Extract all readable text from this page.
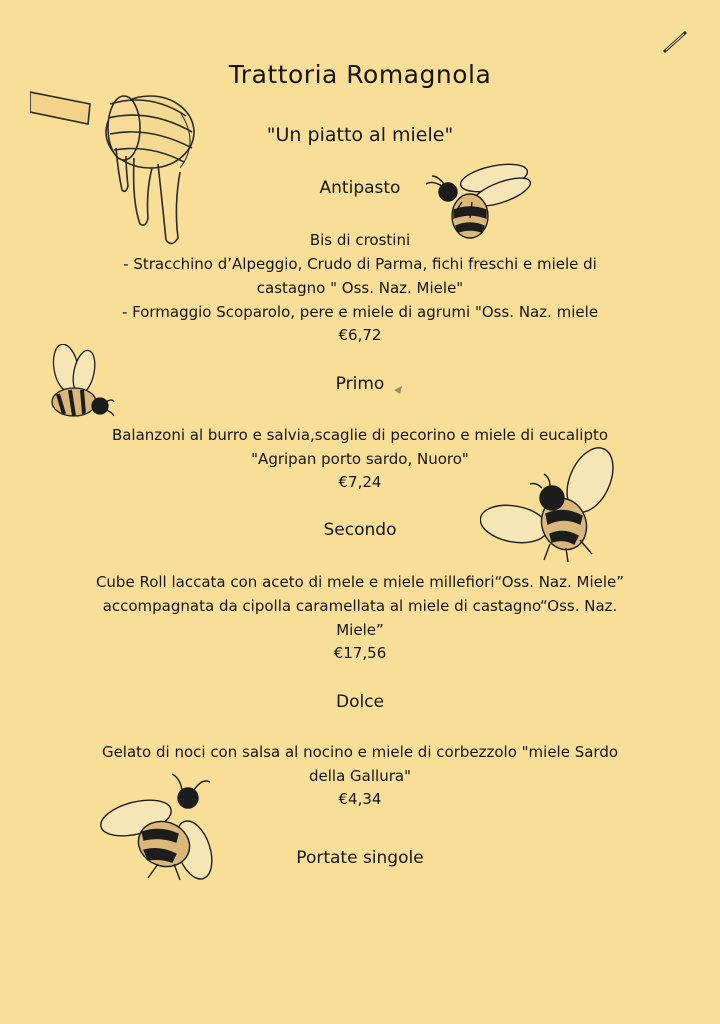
Trattoria Romagnola
"Un piatto al miele"
Antipasto
Bis di crostini
- Stracchino d’Alpeggio, Crudo di Parma, fichi freschi e miele di
castagno " Oss. Naz. Miele"
- Formaggio Scoparolo, pere e miele di agrumi "Oss. Naz. miele
€6,72
Primo
Balanzoni al burro e salvia,scaglie di pecorino e miele di eucalipto
"Agripan porto sardo, Nuoro"
€7,24
Secondo
Cube Roll laccata con aceto di mele e miele millefiori“Oss. Naz. Miele”
accompagnata da cipolla caramellata al miele di castagno“Oss. Naz.
Miele”
€17,56
Dolce
Gelato di noci con salsa al nocino e miele di corbezzolo "miele Sardo
della Gallura"
€4,34
Portate singole
